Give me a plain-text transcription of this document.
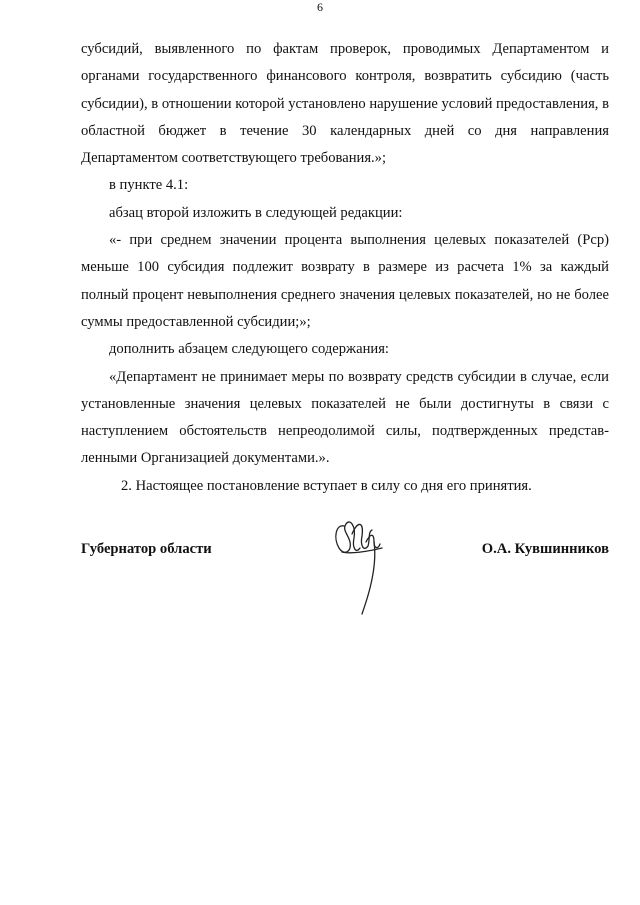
6

субсидий, выявленного по фактам проверок, проводимых Департаментом и органами государственного финансового контроля, возвратить субсидию (часть субсидии), в отношении которой установлено нарушение условий предоставления, в областной бюджет в течение 30 календарных дней со дня направления Департаментом соответствующего требования.»;

в пункте 4.1:

абзац второй изложить в следующей редакции:

«- при среднем значении процента выполнения целевых показателей (Рср) меньше 100 субсидия подлежит возврату в размере из расчета 1% за каждый полный процент невыполнения среднего значения целевых показателей, но не более суммы предоставленной субсидии;»;

дополнить абзацем следующего содержания:

«Департамент не принимает меры по возврату средств субсидии в случае, если установленные значения целевых показателей не были достигнуты в связи с наступлением обстоятельств непреодолимой силы, подтвержденных представ-ленными Организацией документами.».

2. Настоящее постановление вступает в силу со дня его принятия.

Губернатор области	О.А. Кувшинников
